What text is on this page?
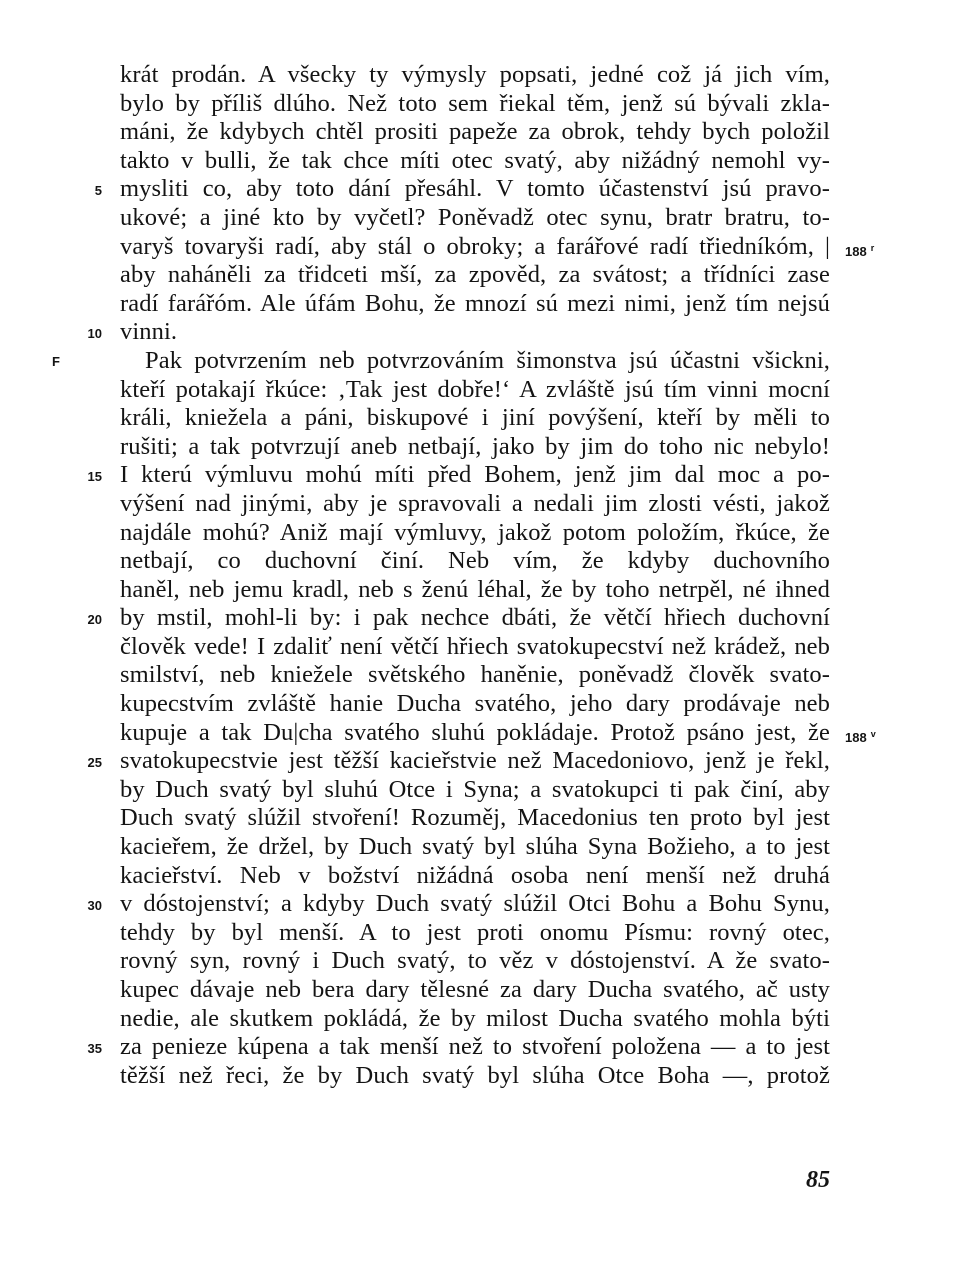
krát prodán. A všecky ty výmysly popsati, jedné což já jich vím,
bylo by příliš dlúho. Než toto sem řiekal těm, jenž sú bývali zkla-
máni, že kdybych chtěl prositi papeže za obrok, tehdy bych položil
takto v bulli, že tak chce míti otec svatý, aby nižádný nemohl vy-
mysliti co, aby toto dání přesáhl. V tomto účastenství jsú pravo-
5
ukové; a jiné kto by vyčetl? Poněvadž otec synu, bratr bratru, to-
varyš tovaryši radí, aby stál o obroky; a farářové radí třiedníkóm, | 188 $^r$
aby naháněli za třidceti mší, za zpověd, za svátost; a třídníci zase
radí farářóm. Ale úfám Bohu, že mnozí sú mezi nimi, jenž tím nejsú
vinni.
10
Pak potvrzením neb potvrzováním šimonstva jsú účastni všickni,
F
kteří potakají řkúce: ‚Tak jest dobře!‘ A zvláště jsú tím vinni mocní
králi, knieželа a páni, biskupové i jiní povýšení, kteří by měli to
rušiti; a tak potvrzují aneb netbají, jako by jim do toho nic nebylo!
I kterú výmluvu mohú míti před Bohem, jenž jim dal moc a po-
15
výšení nad jinými, aby je spravovali a nedali jim zlosti vésti, jakož
najdále mohú? Aniž mají výmluvy, jakož potom položím, řkúce, že
netbají, co duchovní činí. Neb vím, že kdyby duchovního
haněl, neb jemu kradl, neb s ženú léhal, že by toho netrpěl, né ihned
by mstil, mohl-li by: i pak nechce dbáti, že větčí hřiech duchovní
20
člověk vede! I zdaliť není větčí hřiech svatokupecství než krádež, neb
smilství, neb knieželе světského haněnie, poněvadž člověk svato-
kupecstvím zvláště hanie Ducha svatého, jeho dary prodávaje neb
kupuje a tak Du|cha svatého sluhú pokládaje. Protož psáno jest, že 188 $^v$
svatokupecstvie jest těžší kacieřstvie než Macedoniovo, jenž je řekl,
25
by Duch svatý byl sluhú Otce i Syna; a svatokupci ti pak činí, aby
Duch svatý slúžil stvoření! Rozuměj, Macedonius ten proto byl jest
kacieřem, že držel, by Duch svatý byl slúha Syna Božieho, a to jest
kacieřství. Neb v božství nižádná osoba není menší než druhá
v dóstojenství; a kdyby Duch svatý slúžil Otci Bohu a Bohu Synu,
30
tehdy by byl menší. A to jest proti onomu Písmu: rovný otec,
rovný syn, rovný i Duch svatý, to věz v dóstojenství. A že svato-
kupec dávaje neb bera dary tělesné za dary Ducha svatého, ač usty
nedie, ale skutkem pokládá, že by milost Ducha svatého mohla býti
za penieze kúpena a tak menší než to stvoření položena — a to jest
35
těžší než řeci, že by Duch svatý byl slúha Otce Boha —, protož
85
